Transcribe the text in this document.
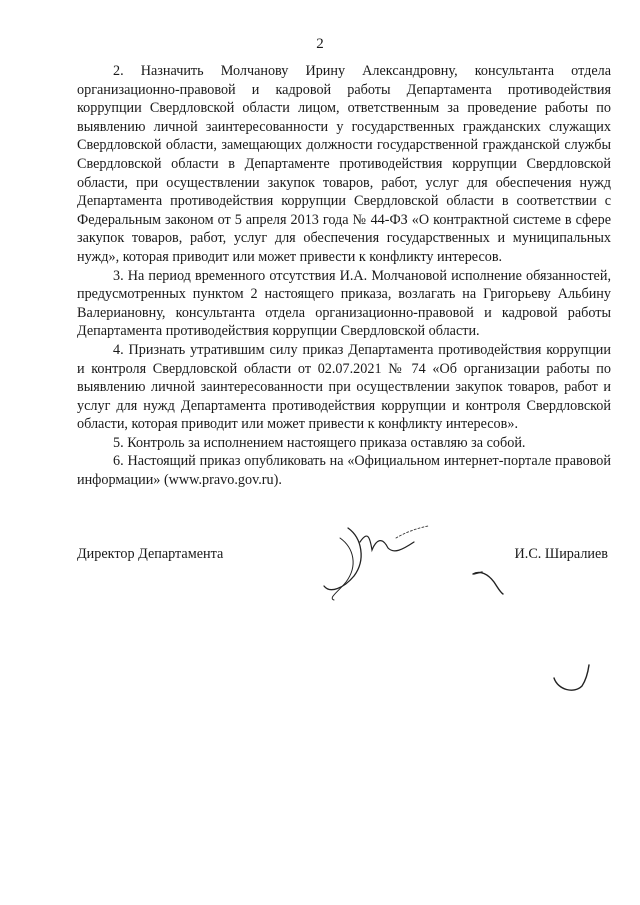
2

2. Назначить Молчанову Ирину Александровну, консультанта отдела организационно-правовой и кадровой работы Департамента противодействия коррупции Свердловской области лицом, ответственным за проведение работы по выявлению личной заинтересованности у государственных гражданских служащих Свердловской области, замещающих должности государственной гражданской службы Свердловской области в Департаменте противодействия коррупции Свердловской области, при осуществлении закупок товаров, работ, услуг для обеспечения нужд Департамента противодействия коррупции Свердловской области в соответствии с Федеральным законом от 5 апреля 2013 года № 44-ФЗ «О контрактной системе в сфере закупок товаров, работ, услуг для обеспечения государственных и муниципальных нужд», которая приводит или может привести к конфликту интересов.

3. На период временного отсутствия И.А. Молчановой исполнение обязанностей, предусмотренных пунктом 2 настоящего приказа, возлагать на Григорьеву Альбину Валериановну, консультанта отдела организационно-правовой и кадровой работы Департамента противодействия коррупции Свердловской области.

4. Признать утратившим силу приказ Департамента противодействия коррупции и контроля Свердловской области от 02.07.2021 № 74 «Об организации работы по выявлению личной заинтересованности при осуществлении закупок товаров, работ и услуг для нужд Департамента противодействия коррупции и контроля Свердловской области, которая приводит или может привести к конфликту интересов».

5. Контроль за исполнением настоящего приказа оставляю за собой.

6. Настоящий приказ опубликовать на «Официальном интернет-портале правовой информации» (www.pravo.gov.ru).

Директор Департамента	И.С. Ширалиев
